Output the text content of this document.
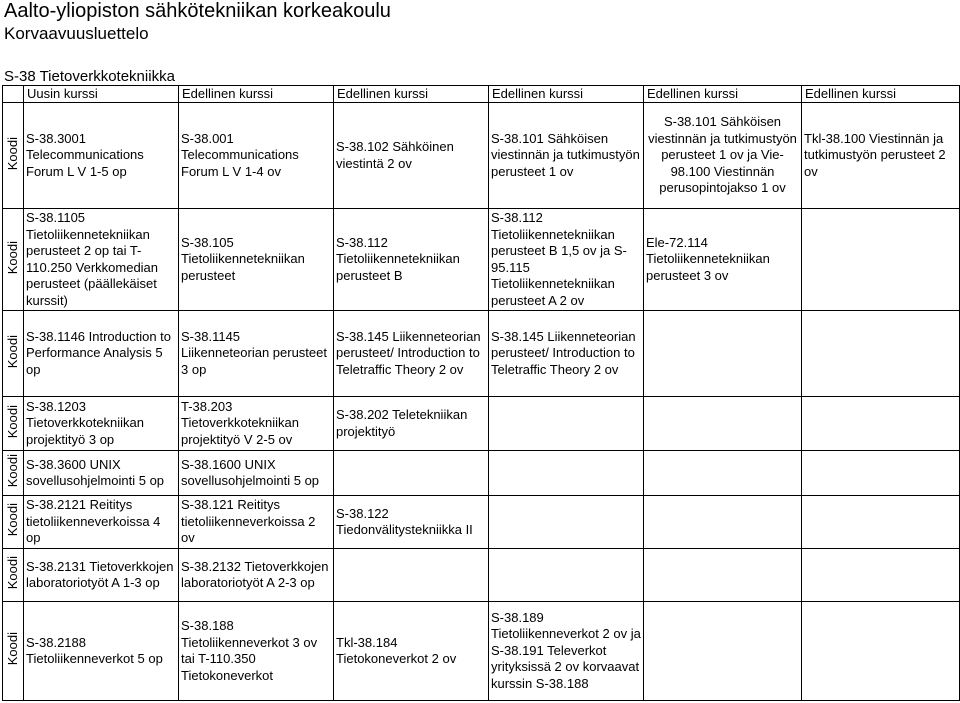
Aalto-yliopiston sähkötekniikan korkeakoulu
Korvaavuusluettelo
S-38 Tietoverkkotekniikka
	Uusin kurssi	Edellinen kurssi	Edellinen kurssi	Edellinen kurssi	Edellinen kurssi	Edellinen kurssi
Koodi	S-38.3001 Telecommunications Forum L V 1-5 op	S-38.001 Telecommunications Forum L V 1-4 ov	S-38.102 Sähköinen viestintä 2 ov	S-38.101 Sähköisen viestinnän ja tutkimustyön perusteet 1 ov	S-38.101 Sähköisen viestinnän ja tutkimustyön perusteet 1 ov ja Vie-98.100 Viestinnän perusopintojakso 1 ov	Tkl-38.100 Viestinnän ja tutkimustyön perusteet 2 ov
Koodi	S-38.1105 Tietoliikennetekniikan perusteet 2 op tai T-110.250 Verkkomedian perusteet (päällekäiset kurssit)	S-38.105 Tietoliikennetekniikan perusteet	S-38.112 Tietoliikennetekniikan perusteet B	S-38.112 Tietoliikennetekniikan perusteet B 1,5 ov ja S-95.115 Tietoliikennetekniikan perusteet A 2 ov	Ele-72.114 Tietoliikennetekniikan perusteet 3 ov	
Koodi	S-38.1146 Introduction to Performance Analysis 5 op	S-38.1145 Liikenneteorian perusteet 3 op	S-38.145 Liikenneteorian perusteet/ Introduction to Teletraffic Theory 2 ov	S-38.145 Liikenneteorian perusteet/ Introduction to Teletraffic Theory 2 ov		
Koodi	S-38.1203 Tietoverkkotekniikan projektityö 3 op	T-38.203 Tietoverkkotekniikan projektityö V 2-5 ov	S-38.202 Teletekniikan projektityö			
Koodi	S-38.3600 UNIX sovellusohjelmointi 5 op	S-38.1600 UNIX sovellusohjelmointi 5 op				
Koodi	S-38.2121 Reititys tietoliikenneverkoissa 4 op	S-38.121 Reititys tietoliikenneverkoissa 2 ov	S-38.122 Tiedonvälitystekniikka II			
Koodi	S-38.2131 Tietoverkkojen laboratoriotyöt A 1-3 op	S-38.2132 Tietoverkkojen laboratoriotyöt A 2-3 op				
Koodi	S-38.2188 Tietoliikenneverkot 5 op	S-38.188 Tietoliikenneverkot 3 ov tai T-110.350 Tietokoneverkot	Tkl-38.184 Tietokoneverkot 2 ov	S-38.189 Tietoliikenneverkot 2 ov ja S-38.191 Televerkot yrityksissä 2 ov korvaavat kurssin S-38.188		
